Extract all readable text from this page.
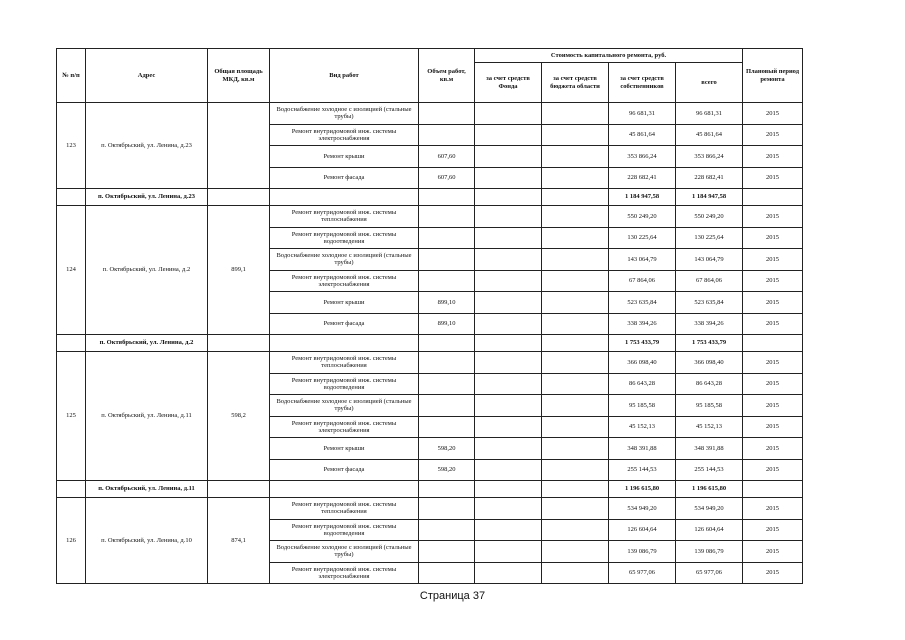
№ п/п	Адрес	Общая площадь МКД, кв.м	Вид работ	Объем работ, кв.м	Стоимость капитального ремонта, руб.				Плановый период ремонта
					за счет средств Фонда	за счет средств бюджета области	за счет средств собственников	всего	
123	п. Октябрьский, ул. Ленина, д.23		Водоснабжение холодное с изоляцией (стальные трубы)				96 681,31	96 681,31	2015
			Ремонт внутридомовой инж. системы электроснабжения				45 861,64	45 861,64	2015
			Ремонт крыши	607,60			353 866,24	353 866,24	2015
			Ремонт фасада	607,60			228 682,41	228 682,41	2015
	п. Октябрьский, ул. Ленина, д.23						1 184 947,58	1 184 947,58	
124	п. Октябрьский, ул. Ленина, д.2	899,1	Ремонт внутридомовой инж. системы теплоснабжения				550 249,20	550 249,20	2015
			Ремонт внутридомовой инж. системы водоотведения				130 225,64	130 225,64	2015
			Водоснабжение холодное с изоляцией (стальные трубы)				143 064,79	143 064,79	2015
			Ремонт внутридомовой инж. системы электроснабжения				67 864,06	67 864,06	2015
			Ремонт крыши	899,10			523 635,84	523 635,84	2015
			Ремонт фасада	899,10			338 394,26	338 394,26	2015
	п. Октябрьский, ул. Ленина, д.2						1 753 433,79	1 753 433,79	
125	п. Октябрьский, ул. Ленина, д.11	598,2	Ремонт внутридомовой инж. системы теплоснабжения				366 098,40	366 098,40	2015
			Ремонт внутридомовой инж. системы водоотведения				86 643,28	86 643,28	2015
			Водоснабжение холодное с изоляцией (стальные трубы)				95 185,58	95 185,58	2015
			Ремонт внутридомовой инж. системы электроснабжения				45 152,13	45 152,13	2015
			Ремонт крыши	598,20			348 391,88	348 391,88	2015
			Ремонт фасада	598,20			255 144,53	255 144,53	2015
	п. Октябрьский, ул. Ленина, д.11						1 196 615,80	1 196 615,80	
126	п. Октябрьский, ул. Ленина, д.10	874,1	Ремонт внутридомовой инж. системы теплоснабжения				534 949,20	534 949,20	2015
			Ремонт внутридомовой инж. системы водоотведения				126 604,64	126 604,64	2015
			Водоснабжение холодное с изоляцией (стальные трубы)				139 086,79	139 086,79	2015
			Ремонт внутридомовой инж. системы электроснабжения				65 977,06	65 977,06	2015
Страница 37
